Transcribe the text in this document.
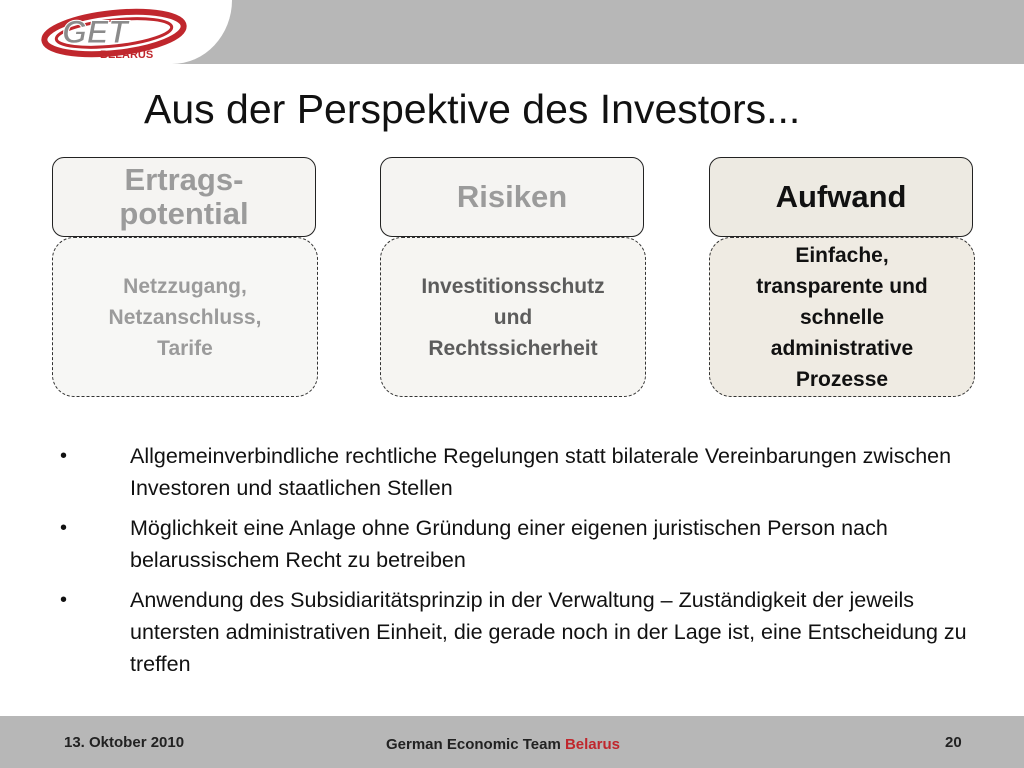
GET
BELARUS
Aus der Perspektive des Investors...
Ertrags-
potential
Netzzugang,
Netzanschluss,
Tarife
Risiken
Investitionsschutz
und
Rechtssicherheit
Aufwand
Einfache,
transparente und
schnelle
administrative
Prozesse
•	Allgemeinverbindliche rechtliche Regelungen statt bilaterale Vereinbarungen zwischen Investoren und staatlichen Stellen
•	Möglichkeit eine Anlage ohne Gründung einer eigenen juristischen Person nach belarussischem Recht zu betreiben
•	Anwendung des Subsidiaritätsprinzip in der Verwaltung – Zuständigkeit der jeweils untersten administrativen Einheit, die gerade noch in der Lage ist, eine Entscheidung zu treffen
13. Oktober 2010	German Economic Team Belarus	20
